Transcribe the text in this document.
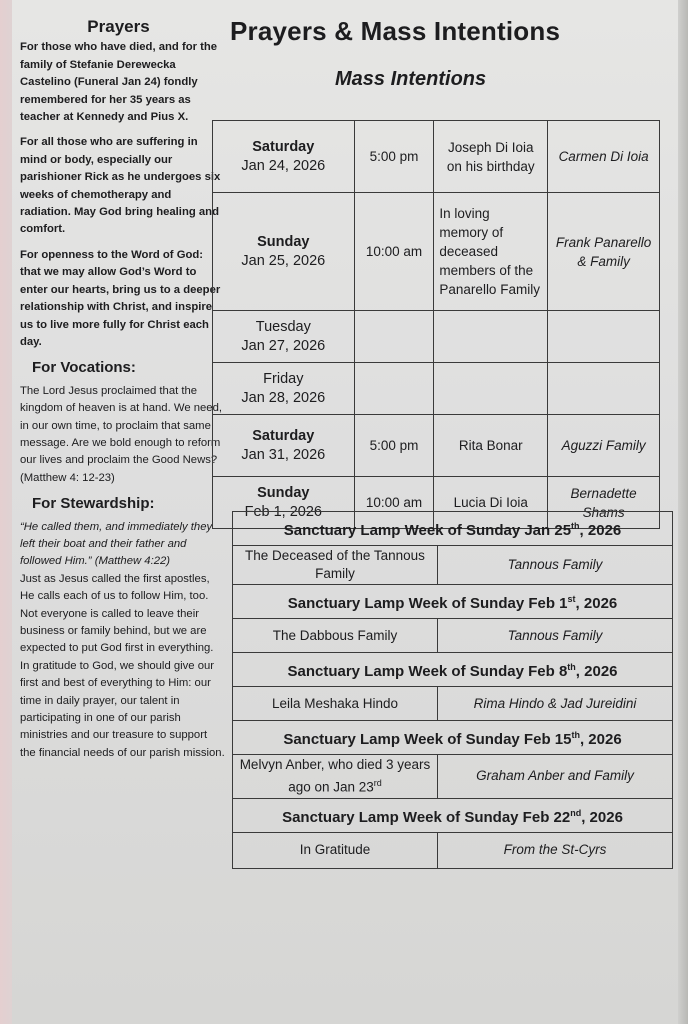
Prayers

For those who have died, and for the family of Stefanie Derewecka Castelino (Funeral Jan 24) fondly remembered for her 35 years as teacher at Kennedy and Pius X.

For all those who are suffering in mind or body, especially our parishioner Rick as he undergoes six weeks of chemotherapy and radiation. May God bring healing and comfort.

For openness to the Word of God: that we may allow God’s Word to enter our hearts, bring us to a deeper relationship with Christ, and inspire us to live more fully for Christ each day.

For Vocations:

The Lord Jesus proclaimed that the kingdom of heaven is at hand. We need, in our own time, to proclaim that same message. Are we bold enough to reform our lives and proclaim the Good News? (Matthew 4: 12-23)

For Stewardship:

“He called them, and immediately they left their boat and their father and followed Him.” (Matthew 4:22)

Just as Jesus called the first apostles, He calls each of us to follow Him, too. Not everyone is called to leave their business or family behind, but we are expected to put God first in everything. In gratitude to God, we should give our first and best of everything to Him: our time in daily prayer, our talent in participating in one of our parish ministries and our treasure to support the financial needs of our parish mission.

Prayers & Mass Intentions
Mass Intentions
Saturday
Jan 24, 2026	5:00 pm	Joseph Di Ioia on his birthday	Carmen Di Ioia
Sunday
Jan 25, 2026	10:00 am	In loving memory of deceased members of the Panarello Family	Frank Panarello & Family
Tuesday
Jan 27, 2026			
Friday
Jan 28, 2026			
Saturday
Jan 31, 2026	5:00 pm	Rita Bonar	Aguzzi Family
Sunday
Feb 1, 2026	10:00 am	Lucia Di Ioia	Bernadette Shams
Sanctuary Lamp Week of Sunday Jan 25th, 2026	
The Deceased of the Tannous Family	Tannous Family
Sanctuary Lamp Week of Sunday Feb 1st, 2026	
The Dabbous Family	Tannous Family
Sanctuary Lamp Week of Sunday Feb 8th, 2026	
Leila Meshaka Hindo	Rima Hindo & Jad Jureidini
Sanctuary Lamp Week of Sunday Feb 15th, 2026	
Melvyn Anber, who died 3 years ago on Jan 23rd	Graham Anber and Family
Sanctuary Lamp Week of Sunday Feb 22nd, 2026	
In Gratitude	From the St-Cyrs
